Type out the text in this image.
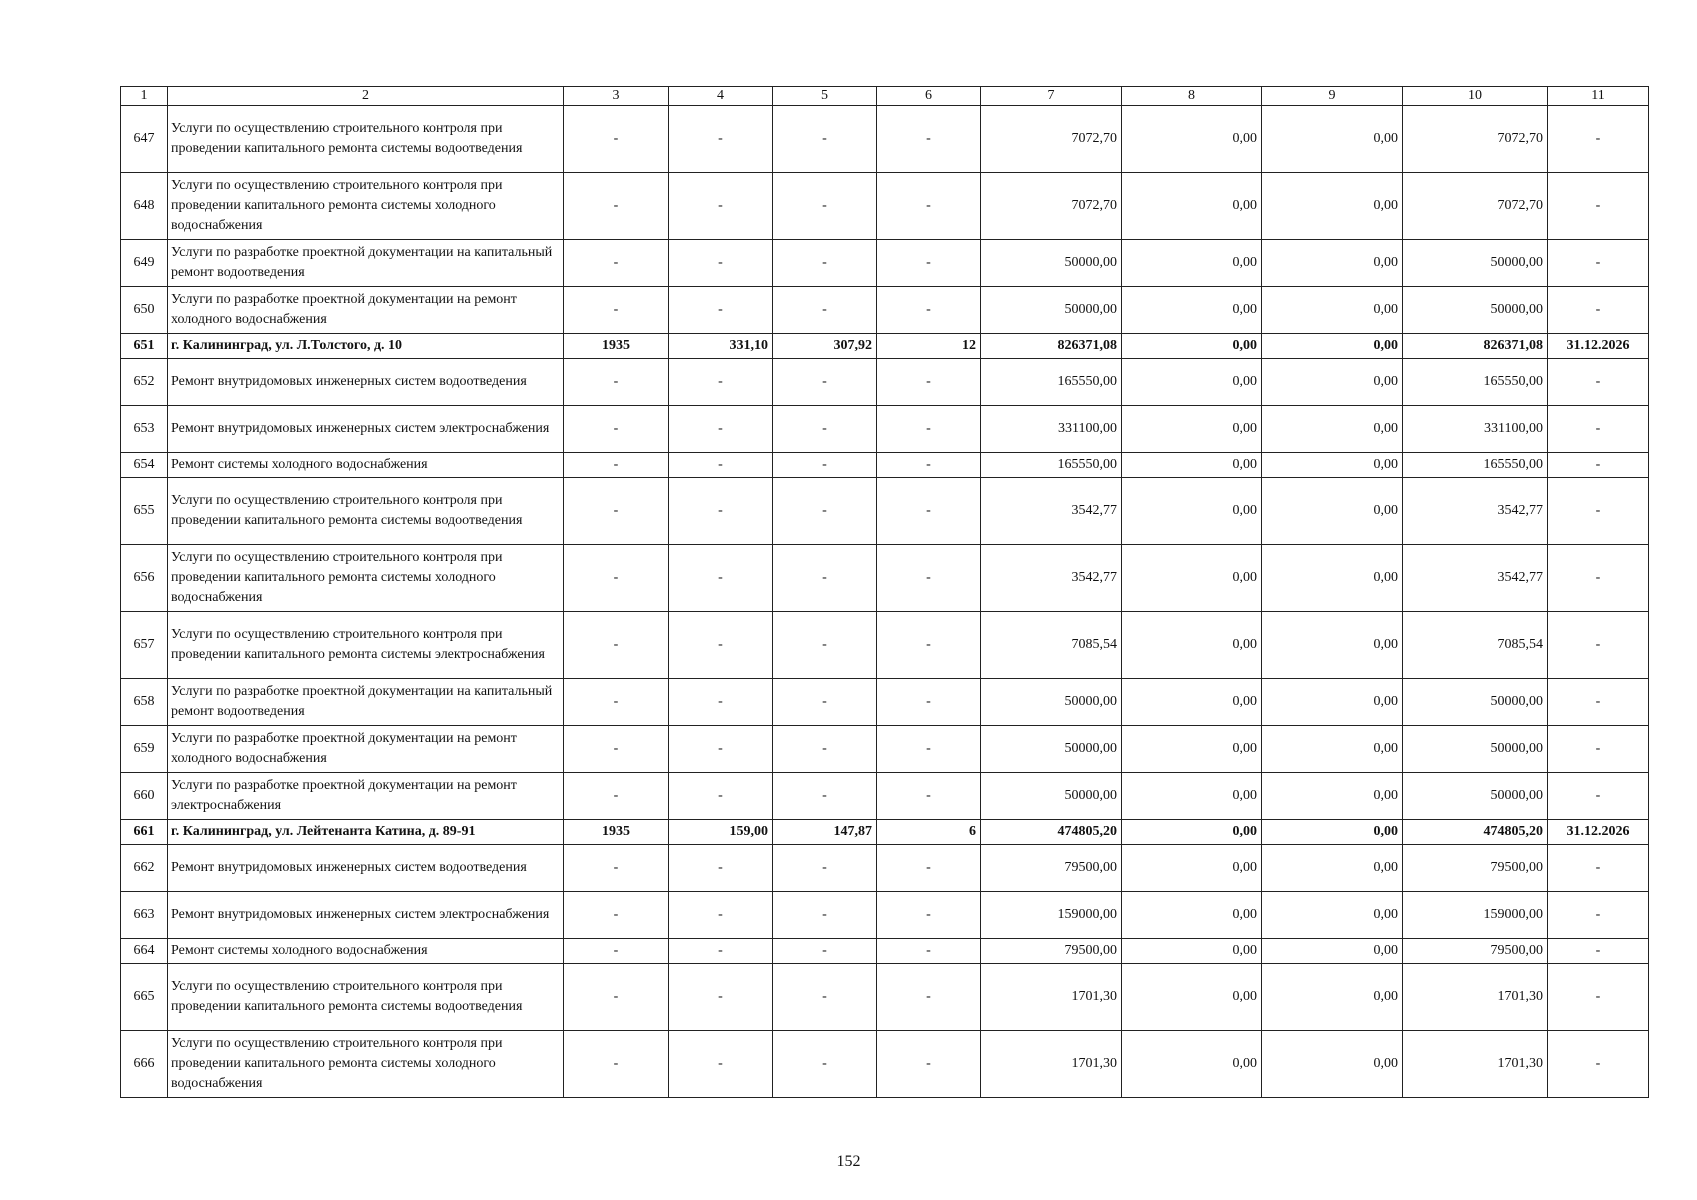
1	2	3	4	5	6	7	8	9	10	11
647	Услуги по осуществлению строительного контроля при проведении капитального ремонта системы водоотведения	-	-	-	-	7072,70	0,00	0,00	7072,70	-
648	Услуги по осуществлению строительного контроля при проведении капитального ремонта системы холодного водоснабжения	-	-	-	-	7072,70	0,00	0,00	7072,70	-
649	Услуги по разработке проектной документации на капитальный ремонт водоотведения	-	-	-	-	50000,00	0,00	0,00	50000,00	-
650	Услуги по разработке проектной документации на ремонт холодного водоснабжения	-	-	-	-	50000,00	0,00	0,00	50000,00	-
651	г. Калининград, ул. Л.Толстого, д. 10	1935	331,10	307,92	12	826371,08	0,00	0,00	826371,08	31.12.2026
652	Ремонт внутридомовых инженерных систем водоотведения	-	-	-	-	165550,00	0,00	0,00	165550,00	-
653	Ремонт внутридомовых инженерных систем электроснабжения	-	-	-	-	331100,00	0,00	0,00	331100,00	-
654	Ремонт системы холодного водоснабжения	-	-	-	-	165550,00	0,00	0,00	165550,00	-
655	Услуги по осуществлению строительного контроля при проведении капитального ремонта системы водоотведения	-	-	-	-	3542,77	0,00	0,00	3542,77	-
656	Услуги по осуществлению строительного контроля при проведении капитального ремонта системы холодного водоснабжения	-	-	-	-	3542,77	0,00	0,00	3542,77	-
657	Услуги по осуществлению строительного контроля при проведении капитального ремонта системы электроснабжения	-	-	-	-	7085,54	0,00	0,00	7085,54	-
658	Услуги по разработке проектной документации на капитальный ремонт водоотведения	-	-	-	-	50000,00	0,00	0,00	50000,00	-
659	Услуги по разработке проектной документации на ремонт холодного водоснабжения	-	-	-	-	50000,00	0,00	0,00	50000,00	-
660	Услуги по разработке проектной документации на ремонт электроснабжения	-	-	-	-	50000,00	0,00	0,00	50000,00	-
661	г. Калининград, ул. Лейтенанта Катина, д. 89-91	1935	159,00	147,87	6	474805,20	0,00	0,00	474805,20	31.12.2026
662	Ремонт внутридомовых инженерных систем водоотведения	-	-	-	-	79500,00	0,00	0,00	79500,00	-
663	Ремонт внутридомовых инженерных систем электроснабжения	-	-	-	-	159000,00	0,00	0,00	159000,00	-
664	Ремонт системы холодного водоснабжения	-	-	-	-	79500,00	0,00	0,00	79500,00	-
665	Услуги по осуществлению строительного контроля при проведении капитального ремонта системы водоотведения	-	-	-	-	1701,30	0,00	0,00	1701,30	-
666	Услуги по осуществлению строительного контроля при проведении капитального ремонта системы холодного водоснабжения	-	-	-	-	1701,30	0,00	0,00	1701,30	-
152
